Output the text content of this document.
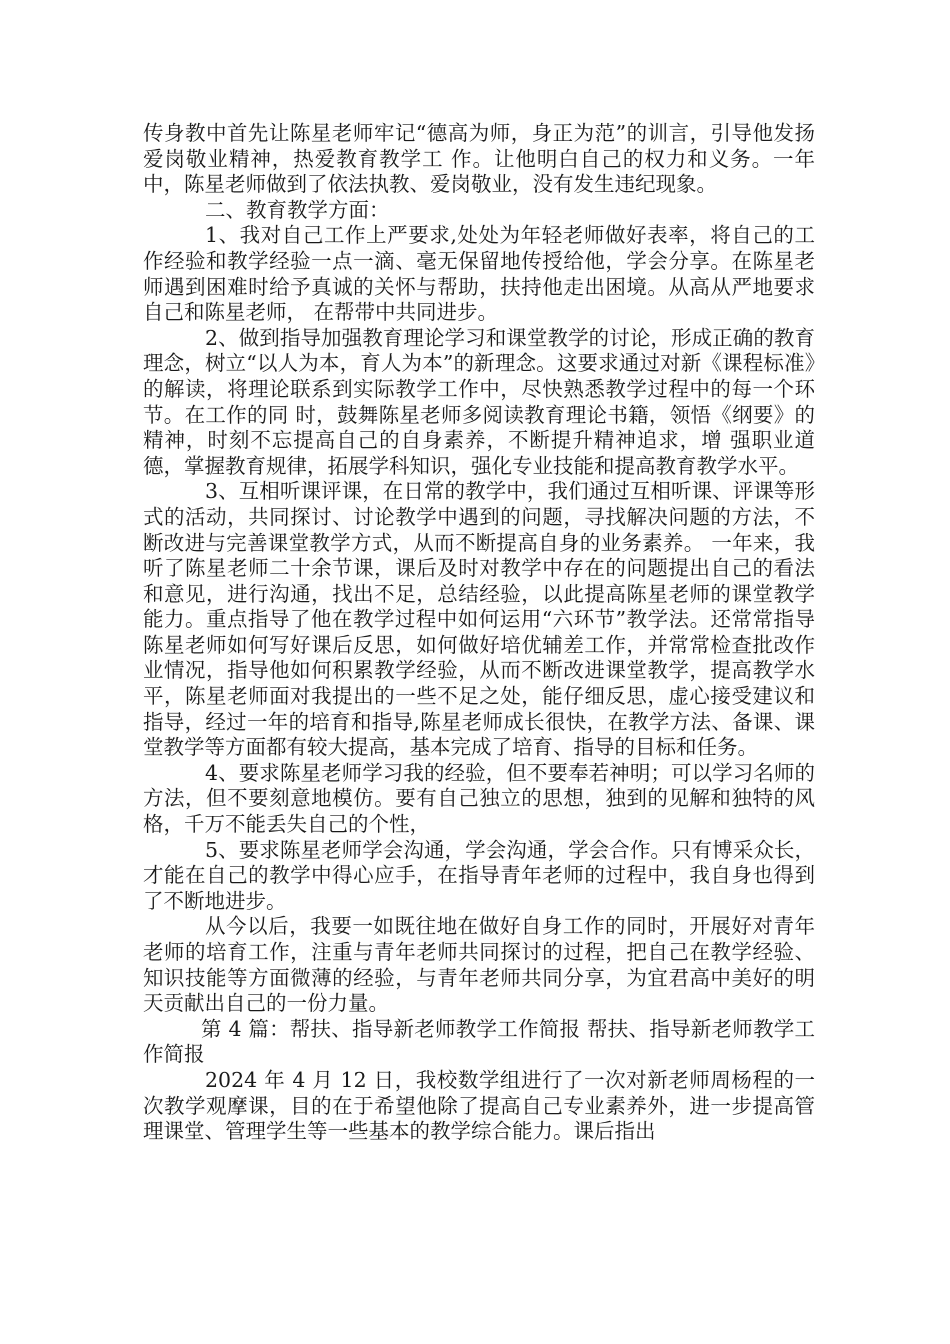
传身教中首先让陈星老师牢记“德高为师，身正为范”的训言，引导他发扬爱岗敬业精神，热爱教育教学工 作。让他明白自己的权力和义务。一年中，陈星老师做到了依法执教、爱岗敬业，没有发生违纪现象。

二、教育教学方面：

1、我对自己工作上严要求,处处为年轻老师做好表率，将自己的工作经验和教学经验一点一滴、毫无保留地传授给他，学会分享。在陈星老师遇到困难时给予真诚的关怀与帮助，扶持他走出困境。从高从严地要求自己和陈星老师， 在帮带中共同进步。

2、做到指导加强教育理论学习和课堂教学的讨论，形成正确的教育理念，树立“以人为本，育人为本”的新理念。这要求通过对新《课程标准》的解读，将理论联系到实际教学工作中，尽快熟悉教学过程中的每一个环节。在工作的同 时，鼓舞陈星老师多阅读教育理论书籍，领悟《纲要》的精神，时刻不忘提高自己的自身素养，不断提升精神追求，增 强职业道德，掌握教育规律，拓展学科知识，强化专业技能和提高教育教学水平。

3、互相听课评课，在日常的教学中，我们通过互相听课、评课等形式的活动，共同探讨、讨论教学中遇到的问题，寻找解决问题的方法，不断改进与完善课堂教学方式，从而不断提高自身的业务素养。 一年来，我听了陈星老师二十余节课，课后及时对教学中存在的问题提出自己的看法和意见，进行沟通，找出不足，总结经验，以此提高陈星老师的课堂教学能力。重点指导了他在教学过程中如何运用“六环节”教学法。还常常指导陈星老师如何写好课后反思，如何做好培优辅差工作，并常常检查批改作业情况，指导他如何积累教学经验，从而不断改进课堂教学，提高教学水平，陈星老师面对我提出的一些不足之处，能仔细反思，虚心接受建议和指导，经过一年的培育和指导,陈星老师成长很快，在教学方法、备课、课堂教学等方面都有较大提高，基本完成了培育、指导的目标和任务。

4、要求陈星老师学习我的经验，但不要奉若神明；可以学习名师的方法，但不要刻意地模仿。要有自己独立的思想，独到的见解和独特的风格，千万不能丢失自己的个性，

5、要求陈星老师学会沟通，学会沟通，学会合作。只有博采众长，才能在自己的教学中得心应手，在指导青年老师的过程中，我自身也得到了不断地进步。

从今以后，我要一如既往地在做好自身工作的同时，开展好对青年老师的培育工作，注重与青年老师共同探讨的过程，把自己在教学经验、知识技能等方面微薄的经验，与青年老师共同分享，为宜君高中美好的明天贡献出自己的一份力量。

第 4 篇：帮扶、指导新老师教学工作简报 帮扶、指导新老师教学工作简报

2024 年 4 月 12 日，我校数学组进行了一次对新老师周杨程的一次教学观摩课，目的在于希望他除了提高自己专业素养外，进一步提高管理课堂、管理学生等一些基本的教学综合能力。课后指出
